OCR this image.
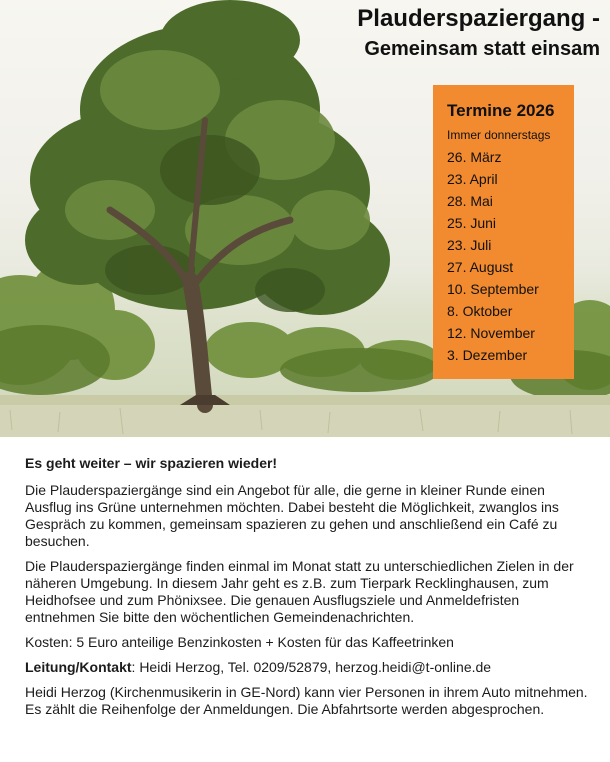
Plauderspaziergang -
Gemeinsam statt einsam
Termine 2026
Immer donnerstags
26. März
23. April
28. Mai
25. Juni
23. Juli
27. August
10. September
8. Oktober
12. November
3. Dezember

Es geht weiter – wir spazieren wieder!

Die Plauderspaziergänge sind ein Angebot für alle, die gerne in kleiner Runde einen Ausflug ins Grüne unternehmen möchten. Dabei besteht die Möglichkeit, zwanglos ins Gespräch zu kommen, gemeinsam spazieren zu gehen und anschließend ein Café zu besuchen.

Die Plauderspaziergänge finden einmal im Monat statt zu unterschiedlichen Zielen in der näheren Umgebung. In diesem Jahr geht es z.B. zum Tierpark Recklinghausen, zum Heidhofsee und zum Phönixsee. Die genauen Ausflugsziele und Anmeldefristen entnehmen Sie bitte den wöchentlichen Gemeindenachrichten.

Kosten: 5 Euro anteilige Benzinkosten + Kosten für das Kaffeetrinken

Leitung/Kontakt: Heidi Herzog, Tel. 0209/52879, herzog.heidi@t-online.de

Heidi Herzog (Kirchenmusikerin in GE-Nord) kann vier Personen in ihrem Auto mitnehmen. Es zählt die Reihenfolge der Anmeldungen. Die Abfahrtsorte werden abgesprochen.
